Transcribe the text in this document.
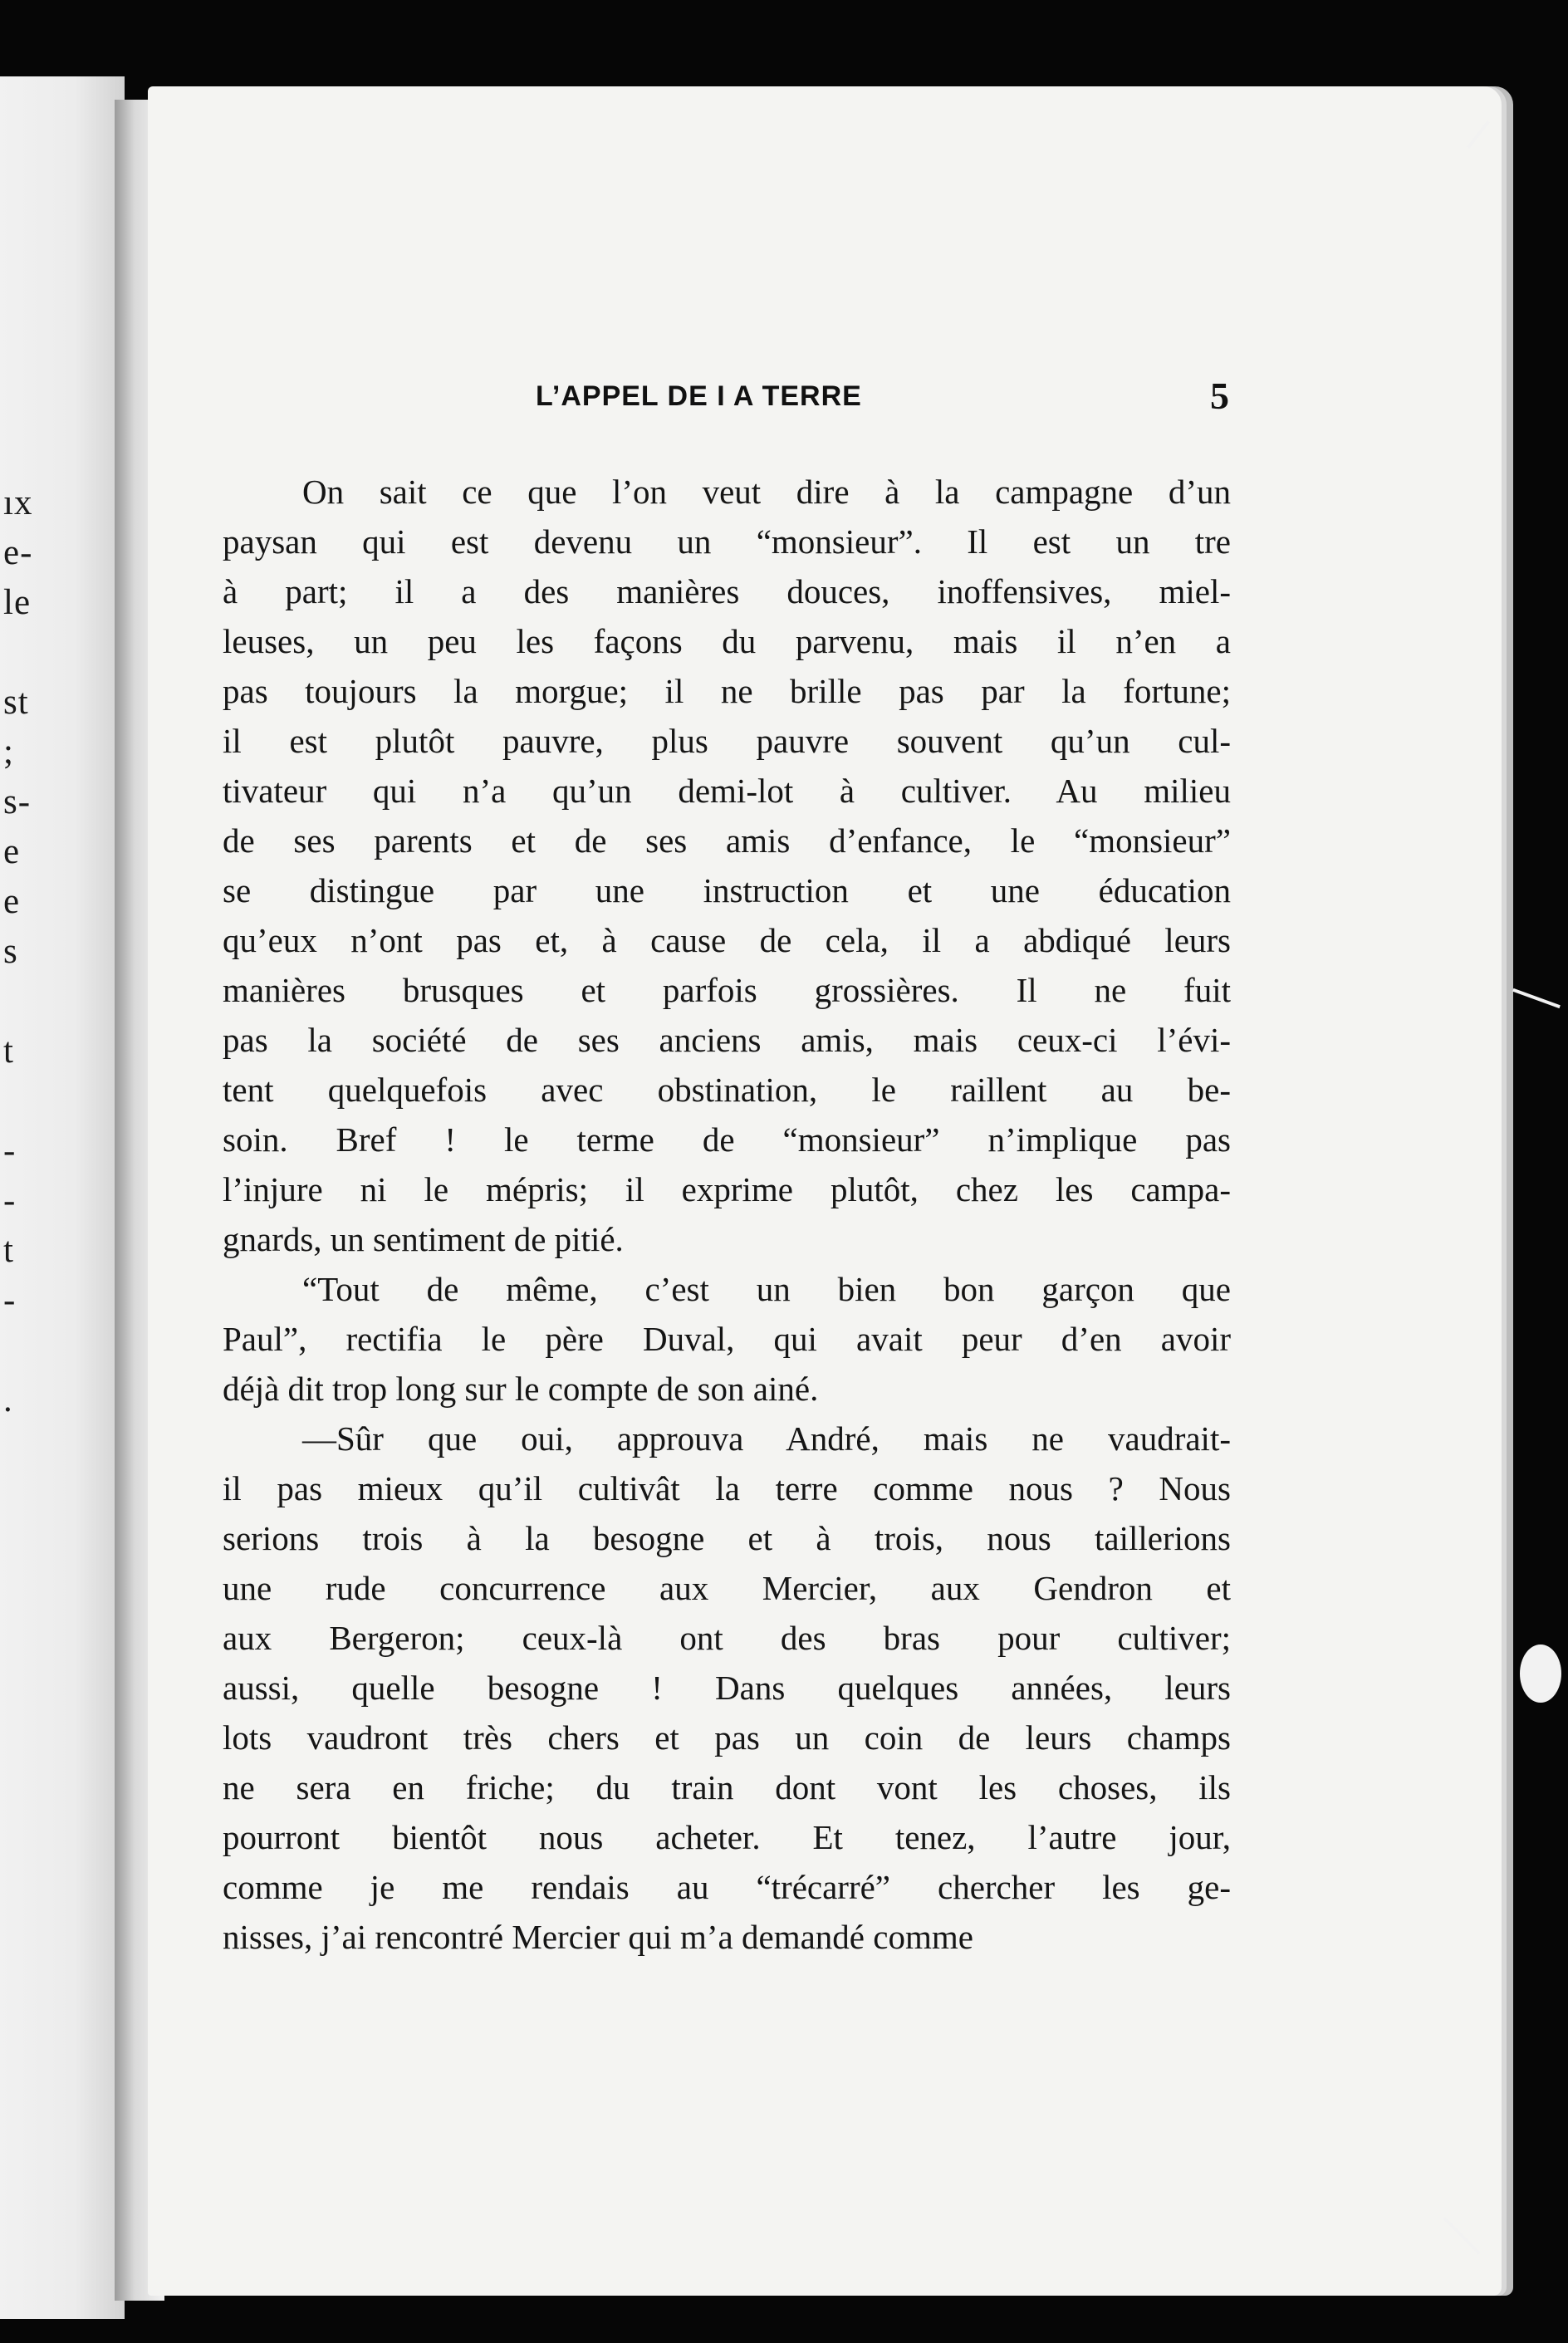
ıx
e-
le
st
;
s-
e
e
s
t
-
-
t
-
.
L’APPEL DE I A TERRE	5
On sait ce que l’on veut dire à la campagne d’un
paysan qui est devenu un “monsieur”. Il est un tre
à part; il a des manières douces, inoffensives, miel-
leuses, un peu les façons du parvenu, mais il n’en a
pas toujours la morgue; il ne brille pas par la fortune;
il est plutôt pauvre, plus pauvre souvent qu’un cul-
tivateur qui n’a qu’un demi-lot à cultiver. Au milieu
de ses parents et de ses amis d’enfance, le “monsieur”
se distingue par une instruction et une éducation
qu’eux n’ont pas et, à cause de cela, il a abdiqué leurs
manières brusques et parfois grossières. Il ne fuit
pas la société de ses anciens amis, mais ceux-ci l’évi-
tent quelquefois avec obstination, le raillent au be-
soin. Bref ! le terme de “monsieur” n’implique pas
l’injure ni le mépris; il exprime plutôt, chez les campa-
gnards, un sentiment de pitié.
“Tout de même, c’est un bien bon garçon que
Paul”, rectifia le père Duval, qui avait peur d’en avoir
déjà dit trop long sur le compte de son ainé.
—Sûr que oui, approuva André, mais ne vaudrait-
il pas mieux qu’il cultivât la terre comme nous ? Nous
serions trois à la besogne et à trois, nous taillerions
une rude concurrence aux Mercier, aux Gendron et
aux Bergeron; ceux-là ont des bras pour cultiver;
aussi, quelle besogne ! Dans quelques années, leurs
lots vaudront très chers et pas un coin de leurs champs
ne sera en friche; du train dont vont les choses, ils
pourront bientôt nous acheter. Et tenez, l’autre jour,
comme je me rendais au “trécarré” chercher les ge-
nisses, j’ai rencontré Mercier qui m’a demandé comme
